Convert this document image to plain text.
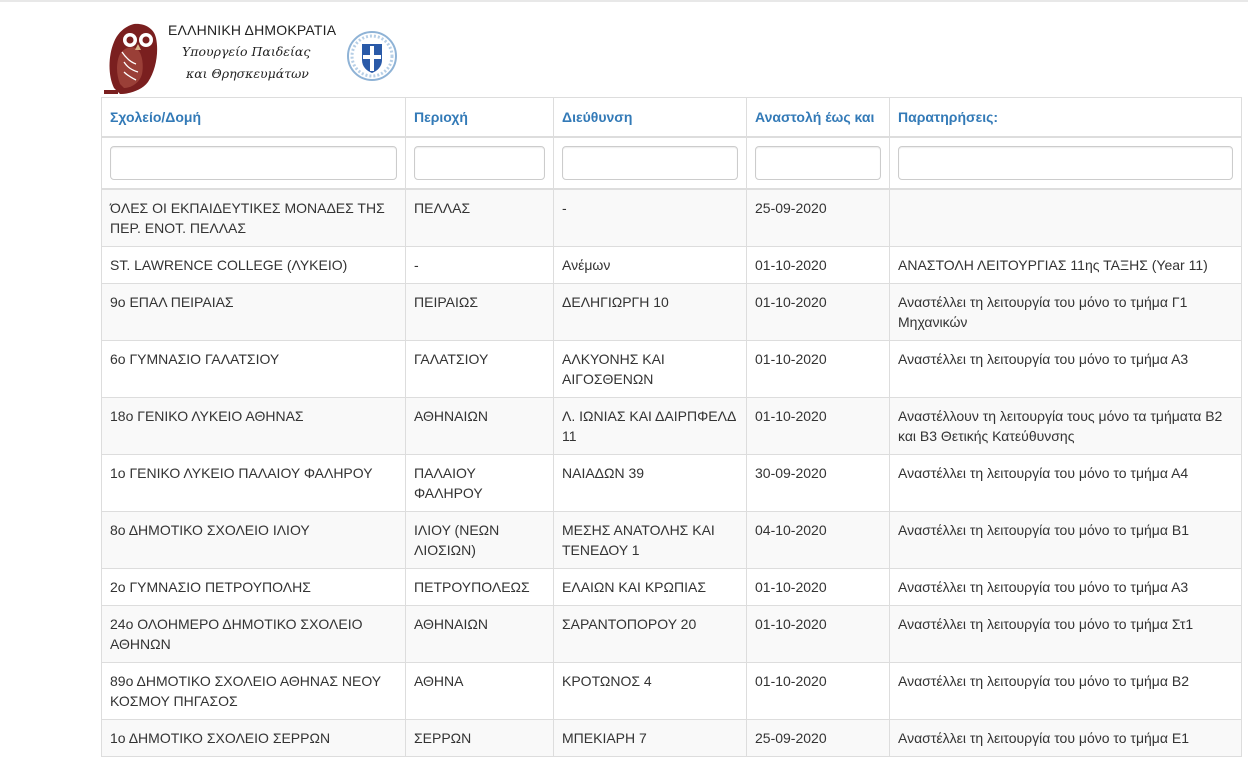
ΕΛΛΗΝΙΚΗ ΔΗΜΟΚΡΑΤΙΑ
Υπουργείο Παιδείας
και Θρησκευμάτων
Σχολείο/Δομή	Περιοχή	Διεύθυνση	Αναστολή έως και	Παρατηρήσεις:

ΌΛΕΣ ΟΙ ΕΚΠΑΙΔΕΥΤΙΚΕΣ ΜΟΝΑΔΕΣ ΤΗΣ ΠΕΡ. ΕΝΟΤ. ΠΕΛΛΑΣ	ΠΕΛΛΑΣ	-	25-09-2020	
ST. LAWRENCE COLLEGE (ΛΥΚΕΙΟ)	-	Ανέμων	01-10-2020	ΑΝΑΣΤΟΛΗ ΛΕΙΤΟΥΡΓΙΑΣ 11ης ΤΑΞΗΣ (Year 11)
9ο ΕΠΑΛ ΠΕΙΡΑΙΑΣ	ΠΕΙΡΑΙΩΣ	ΔΕΛΗΓΙΩΡΓΗ 10	01-10-2020	Αναστέλλει τη λειτουργία του μόνο το τμήμα Γ1 Μηχανικών
6ο ΓΥΜΝΑΣΙΟ ΓΑΛΑΤΣΙΟΥ	ΓΑΛΑΤΣΙΟΥ	ΑΛΚΥΟΝΗΣ ΚΑΙ ΑΙΓΟΣΘΕΝΩΝ	01-10-2020	Αναστέλλει τη λειτουργία του μόνο το τμήμα Α3
18ο ΓΕΝΙΚΟ ΛΥΚΕΙΟ ΑΘΗΝΑΣ	ΑΘΗΝΑΙΩΝ	Λ. ΙΩΝΙΑΣ ΚΑΙ ΔΑΙΡΠΦΕΛΔ 11	01-10-2020	Αναστέλλουν τη λειτουργία τους μόνο τα τμήματα Β2 και Β3 Θετικής Κατεύθυνσης
1ο ΓΕΝΙΚΟ ΛΥΚΕΙΟ ΠΑΛΑΙΟΥ ΦΑΛΗΡΟΥ	ΠΑΛΑΙΟΥ ΦΑΛΗΡΟΥ	ΝΑΙΑΔΩΝ 39	30-09-2020	Αναστέλλει τη λειτουργία του μόνο το τμήμα Α4
8ο ΔΗΜΟΤΙΚΟ ΣΧΟΛΕΙΟ ΙΛΙΟΥ	ΙΛΙΟΥ (ΝΕΩΝ ΛΙΟΣΙΩΝ)	ΜΕΣΗΣ ΑΝΑΤΟΛΗΣ ΚΑΙ ΤΕΝΕΔΟΥ 1	04-10-2020	Αναστέλλει τη λειτουργία του μόνο το τμήμα Β1
2ο ΓΥΜΝΑΣΙΟ ΠΕΤΡΟΥΠΟΛΗΣ	ΠΕΤΡΟΥΠΟΛΕΩΣ	ΕΛΑΙΩΝ ΚΑΙ ΚΡΩΠΙΑΣ	01-10-2020	Αναστέλλει τη λειτουργία του μόνο το τμήμα Α3
24ο ΟΛΟΗΜΕΡΟ ΔΗΜΟΤΙΚΟ ΣΧΟΛΕΙΟ ΑΘΗΝΩΝ	ΑΘΗΝΑΙΩΝ	ΣΑΡΑΝΤΟΠΟΡΟΥ 20	01-10-2020	Αναστέλλει τη λειτουργία του μόνο το τμήμα Στ1
89ο ΔΗΜΟΤΙΚΟ ΣΧΟΛΕΙΟ ΑΘΗΝΑΣ ΝΕΟΥ ΚΟΣΜΟΥ ΠΗΓΑΣΟΣ	ΑΘΗΝΑ	ΚΡΟΤΩΝΟΣ 4	01-10-2020	Αναστέλλει τη λειτουργία του μόνο το τμήμα Β2
1ο ΔΗΜΟΤΙΚΟ ΣΧΟΛΕΙΟ ΣΕΡΡΩΝ	ΣΕΡΡΩΝ	ΜΠΕΚΙΑΡΗ 7	25-09-2020	Αναστέλλει τη λειτουργία του μόνο το τμήμα Ε1
